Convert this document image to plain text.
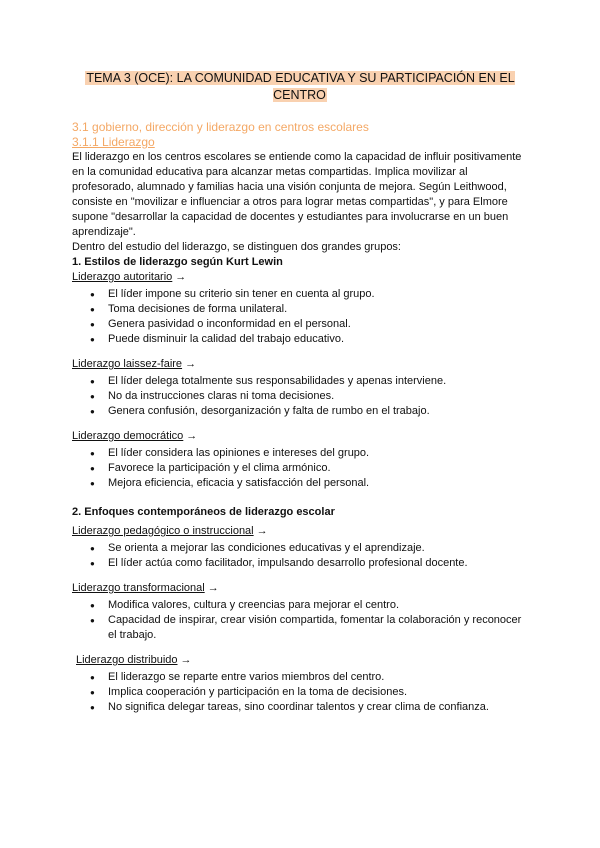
TEMA 3 (OCE): LA COMUNIDAD EDUCATIVA Y SU PARTICIPACIÓN EN EL CENTRO
3.1 gobierno, dirección y liderazgo en centros escolares
3.1.1 Liderazgo

El liderazgo en los centros escolares se entiende como la capacidad de influir positivamente en la comunidad educativa para alcanzar metas compartidas. Implica movilizar al profesorado, alumnado y familias hacia una visión conjunta de mejora. Según Leithwood, consiste en "movilizar e influenciar a otros para lograr metas compartidas", y para Elmore supone "desarrollar la capacidad de docentes y estudiantes para involucrarse en un buen aprendizaje".

Dentro del estudio del liderazgo, se distinguen dos grandes grupos:

1. Estilos de liderazgo según Kurt Lewin

Liderazgo autoritario →

● El líder impone su criterio sin tener en cuenta al grupo.
● Toma decisiones de forma unilateral.
● Genera pasividad o inconformidad en el personal.
● Puede disminuir la calidad del trabajo educativo.

Liderazgo laissez-faire →

● El líder delega totalmente sus responsabilidades y apenas interviene.
● No da instrucciones claras ni toma decisiones.
● Genera confusión, desorganización y falta de rumbo en el trabajo.

Liderazgo democrático →

● El líder considera las opiniones e intereses del grupo.
● Favorece la participación y el clima armónico.
● Mejora eficiencia, eficacia y satisfacción del personal.

2. Enfoques contemporáneos de liderazgo escolar

Liderazgo pedagógico o instruccional →

● Se orienta a mejorar las condiciones educativas y el aprendizaje.
● El líder actúa como facilitador, impulsando desarrollo profesional docente.

Liderazgo transformacional →

● Modifica valores, cultura y creencias para mejorar el centro.
● Capacidad de inspirar, crear visión compartida, fomentar la colaboración y reconocer el trabajo.

Liderazgo distribuido →

● El liderazgo se reparte entre varios miembros del centro.
● Implica cooperación y participación en la toma de decisiones.
● No significa delegar tareas, sino coordinar talentos y crear clima de confianza.
